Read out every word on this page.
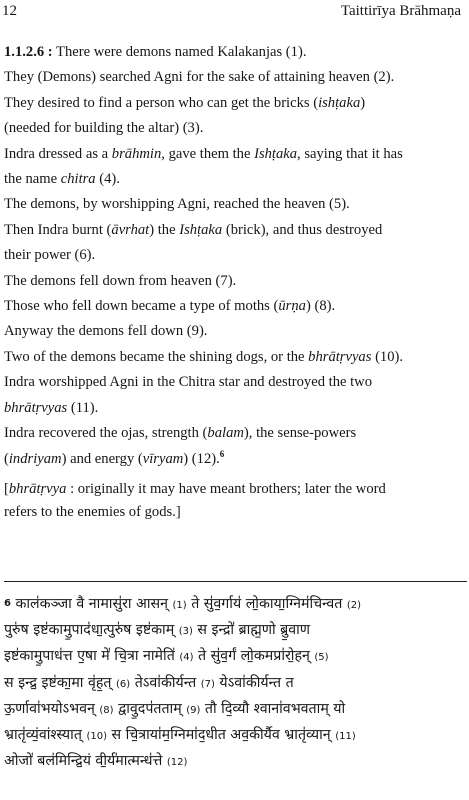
12	Taittirīya Brāhmaṇa
1.1.2.6 : There were demons named Kalakanjas (1).
They (Demons) searched Agni for the sake of attaining heaven (2).
They desired to find a person who can get the bricks (ishṭaka)
(needed for building the altar) (3).
Indra dressed as a brāhmin, gave them the Ishṭaka, saying that it has
the name chitra (4).
The demons, by worshipping Agni, reached the heaven (5).
Then Indra burnt (āvrhat) the Ishṭaka (brick), and thus destroyed
their power (6).
The demons fell down from heaven (7).
Those who fell down became a type of moths (ūrṇa) (8).
Anyway the demons fell down (9).
Two of the demons became the shining dogs, or the bhrātṛvyas (10).
Indra worshipped Agni in the Chitra star and destroyed the two
bhrātṛvyas (11).
Indra recovered the ojas, strength (balam), the sense-powers
(indriyam) and energy (vīryam) (12).$^6$
[bhrātṛvya : originally it may have meant brothers; later the word
refers to the enemies of gods.]
$^6$ काल॑कञ्जा वै नामासु॑रा आसन् (1) ते सु॑व॒र्गाय॑ लो॒काया॒ग्निम॑चिन्वत (2)
पुरु॑ष इष्ट॑कामु॒पाद॑धा॒त्पुरु॑ष इष्ट॑काम् (3) स इन्द्रो॑ ब्राह्म॒णो ब्रु॒वाण
इष्ट॑कामु॒पाध॑त्त ए॒षा मे॑ चि॒त्रा नामेति॑ (4) ते सु॑व॒र्गं लो॒कमप्रा॑रो॒हन् (5)
स इन्द्र॒ इष्ट॑का॒मा वृ॑ह॒त् (6) तेऽवा॑कीर्यन्त (7) येऽवा॑कीर्यन्त त
ऊ॒र्णावा॑भयोऽभवन् (8) द्वावु॒दप॑तताम् (9) तौ दि॒व्यौ श्वाना॑वभवताम् यो
भ्रातृ॑व्यं॒वांश्स्यात् (10) स चि॒त्राया॑म॒ग्निमा॑द॒धीत अव॒कीर्यैव भ्रातृ॑व्यान् (11)
ओजो॑ बल॑मिन्द्रि॒यं वी॒र्य॑मात्मन्ध॑त्ते (12)
